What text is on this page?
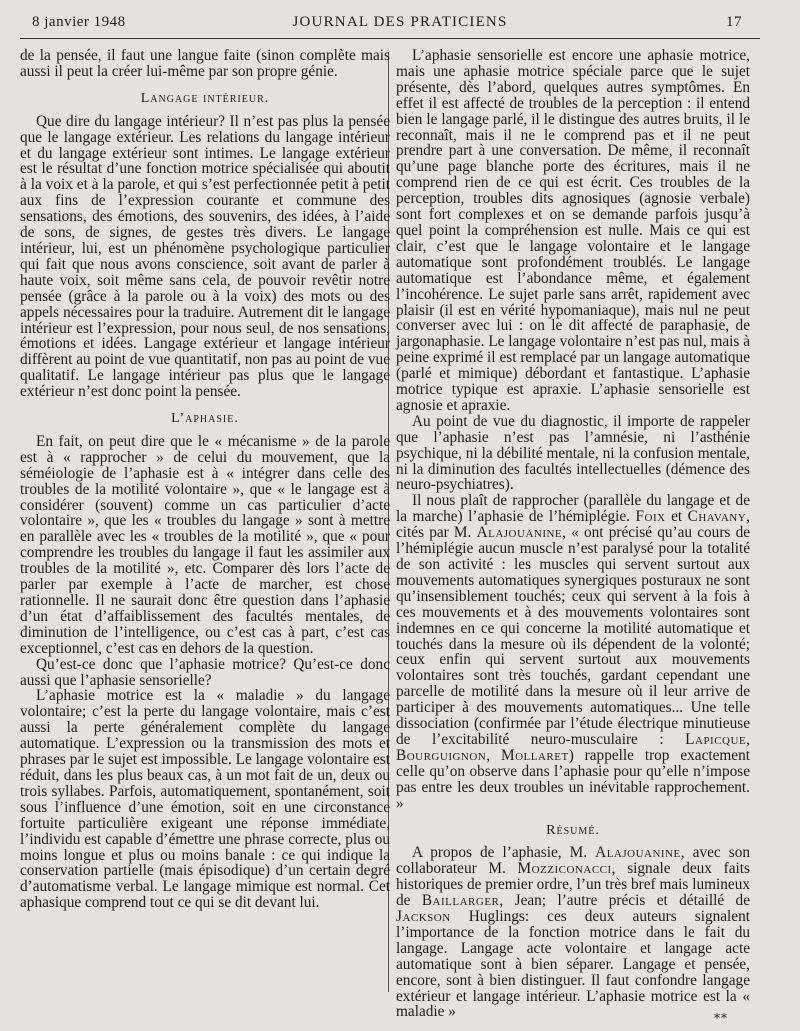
8 janvier 1948	JOURNAL DES PRATICIENS	17

de la pensée, il faut une langue faite (sinon complète mais aussi il peut la créer lui-même par son propre génie.

Langage intérieur.

Que dire du langage intérieur? Il n’est pas plus la pensée que le langage extérieur. Les relations du langage intérieur et du langage extérieur sont intimes. Le langage extérieur est le résultat d’une fonction motrice spécialisée qui aboutit à la voix et à la parole, et qui s’est perfectionnée petit à petit aux fins de l’expression courante et commune des sensations, des émotions, des souvenirs, des idées, à l’aide de sons, de signes, de gestes très divers. Le langage intérieur, lui, est un phénomène psychologique particulier qui fait que nous avons conscience, soit avant de parler à haute voix, soit même sans cela, de pouvoir revêtir notre pensée (grâce à la parole ou à la voix) des mots ou des appels nécessaires pour la traduire. Autrement dit le langage intérieur est l’expression, pour nous seul, de nos sensations, émotions et idées. Langage extérieur et langage intérieur diffèrent au point de vue quantitatif, non pas au point de vue qualitatif. Le langage intérieur pas plus que le langage extérieur n’est donc point la pensée.

L’aphasie.

En fait, on peut dire que le « mécanisme » de la parole est à « rapprocher » de celui du mouvement, que la séméiologie de l’aphasie est à « intégrer dans celle des troubles de la motilité volontaire », que « le langage est à considérer (souvent) comme un cas particulier d’acte volontaire », que les « troubles du langage » sont à mettre en parallèle avec les « troubles de la motilité », que « pour comprendre les troubles du langage il faut les assimiler aux troubles de la motilité », etc. Comparer dès lors l’acte de parler par exemple à l’acte de marcher, est chose rationnelle. Il ne saurait donc être question dans l’aphasie d’un état d’affaiblissement des facultés mentales, de diminution de l’intelligence, ou c’est cas à part, c’est cas exceptionnel, c’est cas en dehors de la question.

Qu’est-ce donc que l’aphasie motrice? Qu’est-ce donc aussi que l’aphasie sensorielle?

L’aphasie motrice est la « maladie » du langage volontaire; c’est la perte du langage volontaire, mais c’est aussi la perte généralement complète du langage automatique. L’expression ou la transmission des mots et phrases par le sujet est impossible. Le langage volontaire est réduit, dans les plus beaux cas, à un mot fait de un, deux ou trois syllabes. Parfois, automatiquement, spontanément, soit sous l’influence d’une émotion, soit en une circonstance fortuite particulière exigeant une réponse immédiate, l’individu est capable d’émettre une phrase correcte, plus ou moins longue et plus ou moins banale : ce qui indique la conservation partielle (mais épisodique) d’un certain degré d’automatisme verbal. Le langage mimique est normal. Cet aphasique comprend tout ce qui se dit devant lui.

L’aphasie sensorielle est encore une aphasie motrice, mais une aphasie motrice spéciale parce que le sujet présente, dès l’abord, quelques autres symptômes. En effet il est affecté de troubles de la perception : il entend bien le langage parlé, il le distingue des autres bruits, il le reconnaît, mais il ne le comprend pas et il ne peut prendre part à une conversation. De même, il reconnaît qu’une page blanche porte des écritures, mais il ne comprend rien de ce qui est écrit. Ces troubles de la perception, troubles dits agnosiques (agnosie verbale) sont fort complexes et on se demande parfois jusqu’à quel point la compréhension est nulle. Mais ce qui est clair, c’est que le langage volontaire et le langage automatique sont profondément troublés. Le langage automatique est l’abondance même, et également l’incohérence. Le sujet parle sans arrêt, rapidement avec plaisir (il est en vérité hypomaniaque), mais nul ne peut converser avec lui : on le dit affecté de paraphasie, de jargonaphasie. Le langage volontaire n’est pas nul, mais à peine exprimé il est remplacé par un langage automatique (parlé et mimique) débordant et fantastique. L’aphasie motrice typique est apraxie. L’aphasie sensorielle est agnosie et apraxie.

Au point de vue du diagnostic, il importe de rappeler que l’aphasie n’est pas l’amnésie, ni l’asthénie psychique, ni la débilité mentale, ni la confusion mentale, ni la diminution des facultés intellectuelles (démence des neuro-psychiatres).

Il nous plaît de rapprocher (parallèle du langage et de la marche) l’aphasie de l’hémiplégie. Foix et Chavany, cités par M. Alajouanine, « ont précisé qu’au cours de l’hémiplégie aucun muscle n’est paralysé pour la totalité de son activité : les muscles qui servent surtout aux mouvements automatiques synergiques posturaux ne sont qu’insensiblement touchés; ceux qui servent à la fois à ces mouvements et à des mouvements volontaires sont indemnes en ce qui concerne la motilité automatique et touchés dans la mesure où ils dépendent de la volonté; ceux enfin qui servent surtout aux mouvements volontaires sont très touchés, gardant cependant une parcelle de motilité dans la mesure où il leur arrive de participer à des mouvements automatiques... Une telle dissociation (confirmée par l’étude électrique minutieuse de l’excitabilité neuro-musculaire : Lapicque, Bourguignon, Mollaret) rappelle trop exactement celle qu’on observe dans l’aphasie pour qu’elle n’impose pas entre les deux troubles un inévitable rapprochement. »

Résumé.

A propos de l’aphasie, M. Alajouanine, avec son collaborateur M. Mozziconacci, signale deux faits historiques de premier ordre, l’un très bref mais lumineux de Baillarger, Jean; l’autre précis et détaillé de Jackson Huglings: ces deux auteurs signalent l’importance de la fonction motrice dans le fait du langage. Langage acte volontaire et langage acte automatique sont à bien séparer. Langage et pensée, encore, sont à bien distinguer. Il faut confondre langage extérieur et langage intérieur. L’aphasie motrice est la « maladie »	**
